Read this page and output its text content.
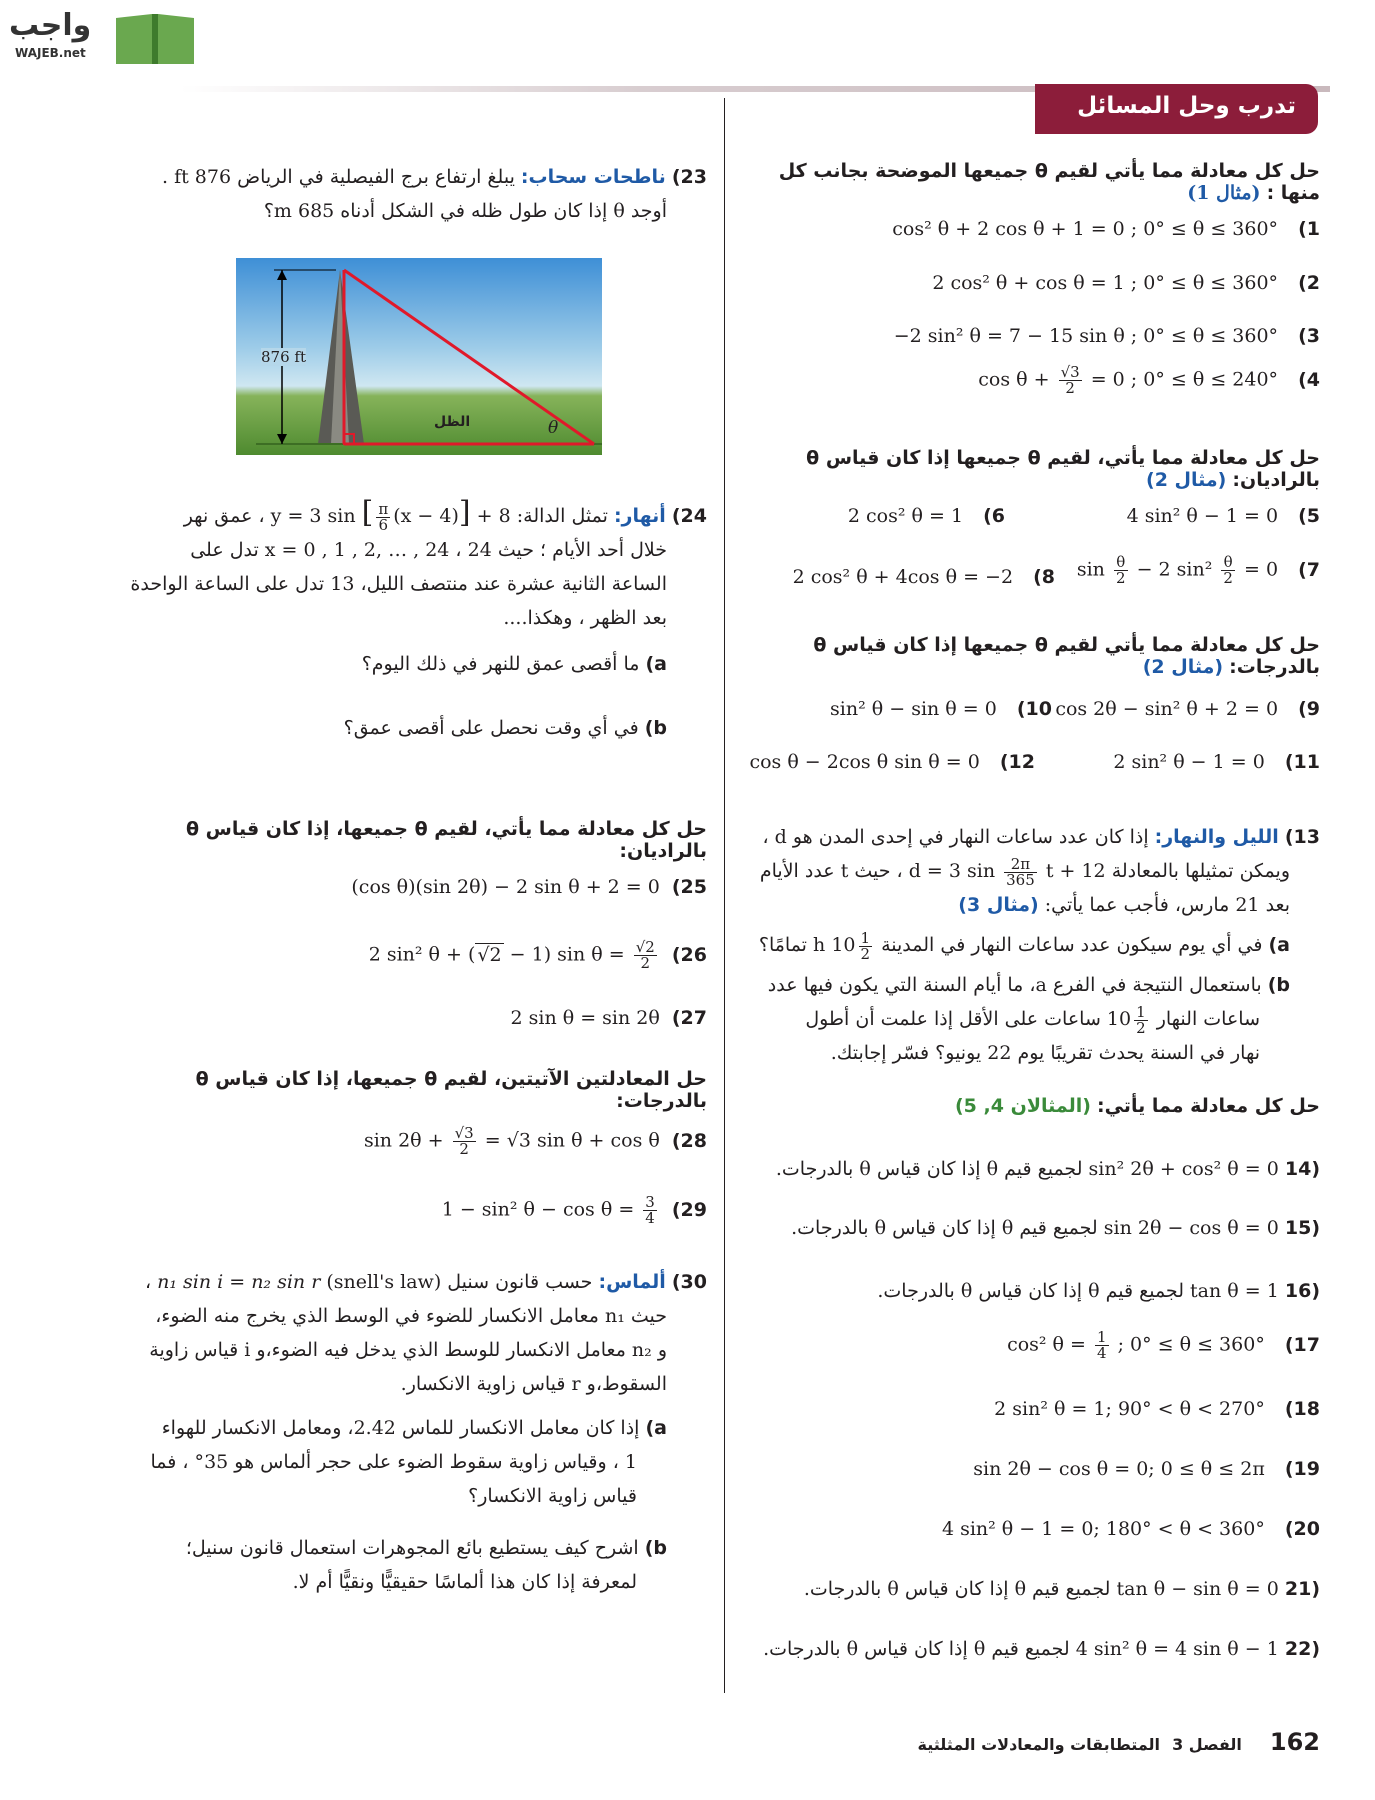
واجب
WAJEB.net
تدرب وحل المسائل
حل كل معادلة مما يأتي لقيم θ جميعها الموضحة بجانب كل منها : (مثال 1)
cos² θ + 2 cos θ + 1 = 0 ; 0° ≤ θ ≤ 360° (1
2 cos² θ + cos θ = 1 ; 0° ≤ θ ≤ 360° (2
−2 sin² θ = 7 − 15 sin θ ; 0° ≤ θ ≤ 360° (3
$\cos \theta + \frac{√3}{2} = 0$ ; 0° ≤ θ ≤ 240° (4
حل كل معادلة مما يأتي، لقيم θ جميعها إذا كان قياس θ بالراديان: (مثال 2)
4 sin² θ − 1 = 0 (5
2 cos² θ = 1 (6
$\sin \frac{\theta}{2} - 2$ $\sin^2 \frac{\theta}{2} = 0$ (7
2 cos² θ + 4cos θ = −2 (8
حل كل معادلة مما يأتي لقيم θ جميعها إذا كان قياس θ بالدرجات: (مثال 2)
cos 2θ − sin² θ + 2 = 0 (9
sin² θ − sin θ = 0 (10
2 sin² θ − 1 = 0 (11
cos θ − 2cos θ sin θ = 0 (12
13) الليل والنهار: إذا كان عدد ساعات النهار في إحدى المدن هو d ،
ويمكن تمثيلها بالمعادلة d = 3 $\sin \frac{2\pi}{365}$ t + 12 ، حيث t عدد الأيام
بعد 21 مارس، فأجب عما يأتي: (مثال 3)
a) في أي يوم سيكون عدد ساعات النهار في المدينة $10 \frac{1}{2}$
h تمامًا؟
b) باستعمال النتيجة في الفرع a، ما أيام السنة التي يكون فيها عدد
ساعات النهار $10 \frac{1}{2}$
ساعات على الأقل إذا علمت أن أطول
نهار في السنة يحدث تقريبًا يوم 22 يونيو؟ فسّر إجابتك.
حل كل معادلة مما يأتي: (المثالان 4, 5)
(14 sin² 2θ + cos² θ = 0 لجميع قيم θ إذا كان قياس θ بالدرجات.
(15 sin 2θ − cos θ = 0 لجميع قيم θ إذا كان قياس θ بالدرجات.
(16 tan θ = 1 لجميع قيم θ إذا كان قياس θ بالدرجات.
cos² $\theta = \frac{1}{4}$ ; 0° ≤ θ ≤ 360° (17
2 sin² θ = 1; 90° < θ < 270° (18
sin 2θ − cos θ = 0; 0 ≤ θ ≤ 2π (19
4 sin² θ − 1 = 0; 180° < θ < 360° (20
(21 tan θ − sin θ = 0 لجميع قيم θ إذا كان قياس θ بالدرجات.
(22 4 sin² θ = 4 sin θ − 1 لجميع قيم θ إذا كان قياس θ بالدرجات.
23) ناطحات سحاب: يبلغ ارتفاع برج الفيصلية في الرياض 876 ft .
أوجد θ إذا كان طول ظله في الشكل أدناه 685 m؟
876 ft
الظل	θ
24) أنهار: تمثل الدالة: y = 3 sin [ $\frac{\pi}{6} (x - 4)] + 8$ ، عمق نهر
خلال أحد الأيام ؛ حيث x = 0 , 1 , 2, … , 24 ، 24 تدل على
الساعة الثانية عشرة عند منتصف الليل، 13 تدل على الساعة الواحدة
بعد الظهر ، وهكذا....
a) ما أقصى عمق للنهر في ذلك اليوم؟
b) في أي وقت نحصل على أقصى عمق؟
حل كل معادلة مما يأتي، لقيم θ جميعها، إذا كان قياس θ بالراديان:
(cos θ)(sin 2θ) − 2 sin θ + 2 = 0 (25
2 sin² θ + ( √2 − 1) $\sin \theta = \frac{√2}{2} (26$
2 sin θ = sin 2θ (27
حل المعادلتين الآتيتين، لقيم θ جميعها، إذا كان قياس θ بالدرجات:
$\sin 2\theta + \frac{√3}{2} = √3$ sin θ + cos θ (28
1 − sin² $\theta - \cos \theta = \frac{3}{4} (29$
30) ألماس: حسب قانون سنيل (snell's law) n₁ sin i = n₂ sin r ،
حيث n₁ معامل الانكسار للضوء في الوسط الذي يخرج منه الضوء،
و n₂ معامل الانكسار للوسط الذي يدخل فيه الضوء،و i قياس زاوية
السقوط،و r قياس زاوية الانكسار.
a) إذا كان معامل الانكسار للماس 2.42، ومعامل الانكسار للهواء
1 ، وقياس زاوية سقوط الضوء على حجر ألماس هو 35° ، فما
قياس زاوية الانكسار؟
b) اشرح كيف يستطيع بائع المجوهرات استعمال قانون سنيل؛
لمعرفة إذا كان هذا ألماسًا حقيقيًّا ونقيًّا أم لا.
162 الفصل 3 المتطابقات والمعادلات المثلثية
